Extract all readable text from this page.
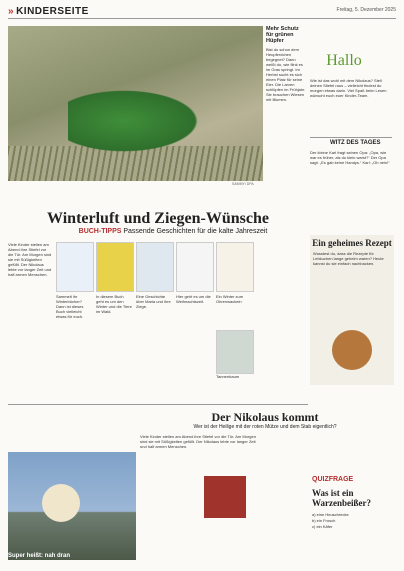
» KINDERSEITE	Freitag, 5. Dezember 2025
SAMMY/ DPA
Mehr Schutz für grünen Hüpfer
Bist du schon dem Heupferdchen begegnet? Dann weißt du, wie flink es im Gras springt. Im Herbst sucht es sich einen Platz für seine Eier. Die Larven schlüpfen im Frühjahr. Sie brauchen Wiesen mit Blumen.
Hallo
Wie ist das wohl mit dem Nikolaus? Stell deinen Stiefel raus – vielleicht findest du morgen etwas darin. Viel Spaß beim Lesen wünscht euch euer Kinder-Team.
WITZ DES TAGES
Der kleine Karl fragt seinen Opa: „Opa, wie war es früher, als du klein warst?“ Der Opa sagt: „Es gab keine Handys.“ Karl: „Oh nein!“
Winterluft und Ziegen-Wünsche
BUCH-TIPPS Passende Geschichten für die kalte Jahreszeit
Viele Kinder stellen am Abend ihre Stiefel vor die Tür. Am Morgen sind sie mit Süßigkeiten gefüllt. Der Nikolaus lebte vor langer Zeit und half armen Menschen.
Sammelt ihr Winterbücher? Dann ist dieses Buch vielleicht etwas für euch.
In diesem Buch geht es um den Winter und die Tiere im Wald.
Eine Geschichte über Maria und ihre Ziege.
Hier geht es um die Weihnachtszeit.
Ein Winter zum Ohrenwackeln
Tannenbaum
Ein geheimes Rezept
Wusstest du, dass die Rezepte für Lebkuchen lange geheim waren? Heute kannst du sie einfach nachbacken.
Der Nikolaus kommt
Wer ist der Heilige mit der roten Mütze und dem Stab eigentlich?
Viele Kinder stellen am Abend ihre Stiefel vor die Tür. Am Morgen sind sie mit Süßigkeiten gefüllt. Der Nikolaus lebte vor langer Zeit und half armen Menschen.
Super heißt: nah dran
QUIZFRAGE
Was ist ein Warzenbeißer?
a) eine Heuschrecke
b) ein Frosch
c) ein Käfer
